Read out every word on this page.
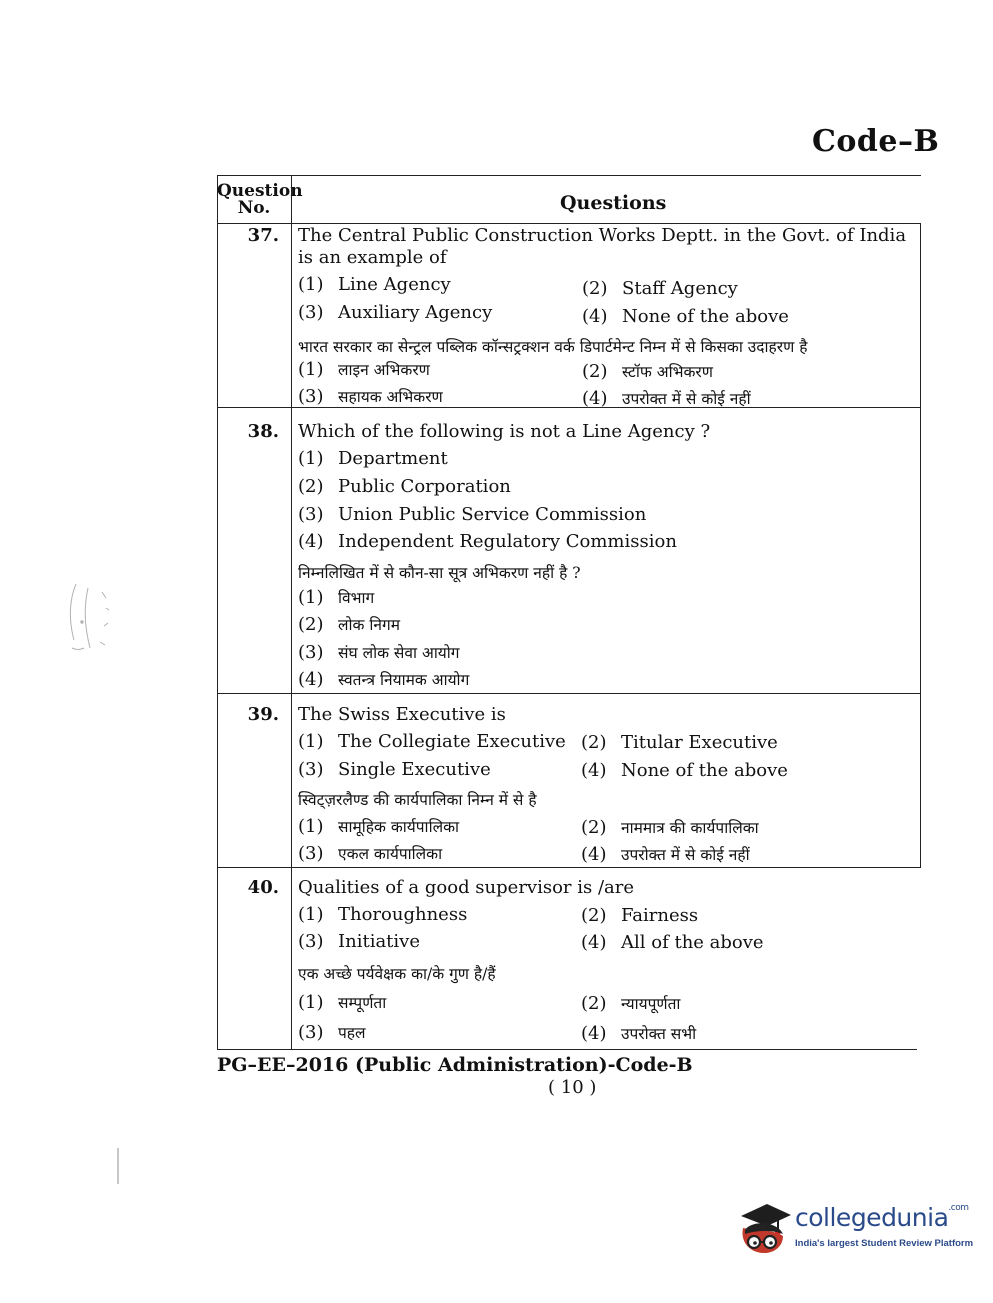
Code–B
Question
No.	Questions
37.	The Central Public Construction Works Deptt. in the Govt. of India is an example of
(1) Line Agency	(2) Staff Agency
(3) Auxiliary Agency	(4) None of the above
भारत सरकार का सेन्ट्रल पब्लिक कॉन्सट्रक्शन वर्क डिपार्टमेन्ट निम्न में से किसका उदाहरण है
(1) लाइन अभिकरण	(2) स्टॉफ अभिकरण
(3) सहायक अभिकरण	(4) उपरोक्त में से कोई नहीं
38.	Which of the following is not a Line Agency ?
(1) Department
(2) Public Corporation
(3) Union Public Service Commission
(4) Independent Regulatory Commission
निम्नलिखित में से कौन-सा सूत्र अभिकरण नहीं है ?
(1) विभाग
(2) लोक निगम
(3) संघ लोक सेवा आयोग
(4) स्वतन्त्र नियामक आयोग
39.	The Swiss Executive is
(1) The Collegiate Executive (2) Titular Executive
(3) Single Executive	(4) None of the above
स्विट्ज़रलैण्ड की कार्यपालिका निम्न में से है
(1) सामूहिक कार्यपालिका	(2) नाममात्र की कार्यपालिका
(3) एकल कार्यपालिका	(4) उपरोक्त में से कोई नहीं
40.	Qualities of a good supervisor is /are
(1) Thoroughness	(2) Fairness
(3) Initiative	(4) All of the above
एक अच्छे पर्यवेक्षक का/के गुण है/हैं
(1) सम्पूर्णता	(2) न्यायपूर्णता
(3) पहल	(4) उपरोक्त सभी
PG–EE–2016 (Public Administration)-Code-B
( 10 )
collegedunia$^{.com}$
India's largest Student Review Platform
